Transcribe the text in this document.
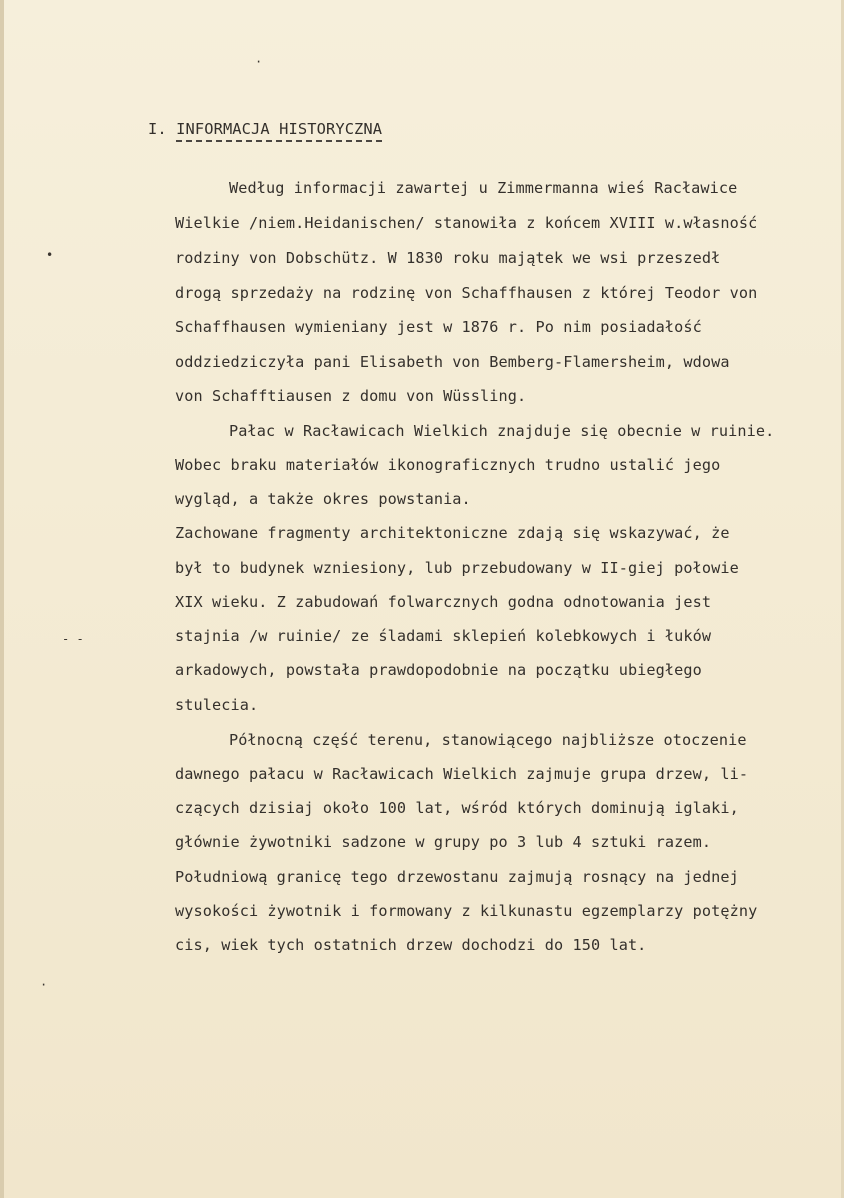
·
•
- -
·
I. INFORMACJA HISTORYCZNA
Według informacji zawartej u Zimmermanna wieś Racławice
Wielkie /niem.Heidanischen/ stanowiła z końcem XVIII w.własność
rodziny von Dobschütz. W 1830 roku majątek we wsi przeszedł
drogą sprzedaży na rodzinę von Schaffhausen z której Teodor von
Schaffhausen wymieniany jest w 1876 r. Po nim posiadałość
oddziedziczyła pani Elisabeth von Bemberg-Flamersheim, wdowa
von Schafftiausen z domu von Wüssling.
Pałac w Racławicach Wielkich znajduje się obecnie w ruinie.
Wobec braku materiałów ikonograficznych trudno ustalić jego
wygląd, a także okres powstania.
Zachowane fragmenty architektoniczne zdają się wskazywać, że
był to budynek wzniesiony, lub przebudowany w II-giej połowie
XIX wieku. Z zabudowań folwarcznych godna odnotowania jest
stajnia /w ruinie/ ze śladami sklepień kolebkowych i łuków
arkadowych, powstała prawdopodobnie na początku ubiegłego
stulecia.
Północną część terenu, stanowiącego najbliższe otoczenie
dawnego pałacu w Racławicach Wielkich zajmuje grupa drzew, li-
czących dzisiaj około 100 lat, wśród których dominują iglaki,
głównie żywotniki sadzone w grupy po 3 lub 4 sztuki razem.
Południową granicę tego drzewostanu zajmują rosnący na jednej
wysokości żywotnik i formowany z kilkunastu egzemplarzy potężny
cis, wiek tych ostatnich drzew dochodzi do 150 lat.
